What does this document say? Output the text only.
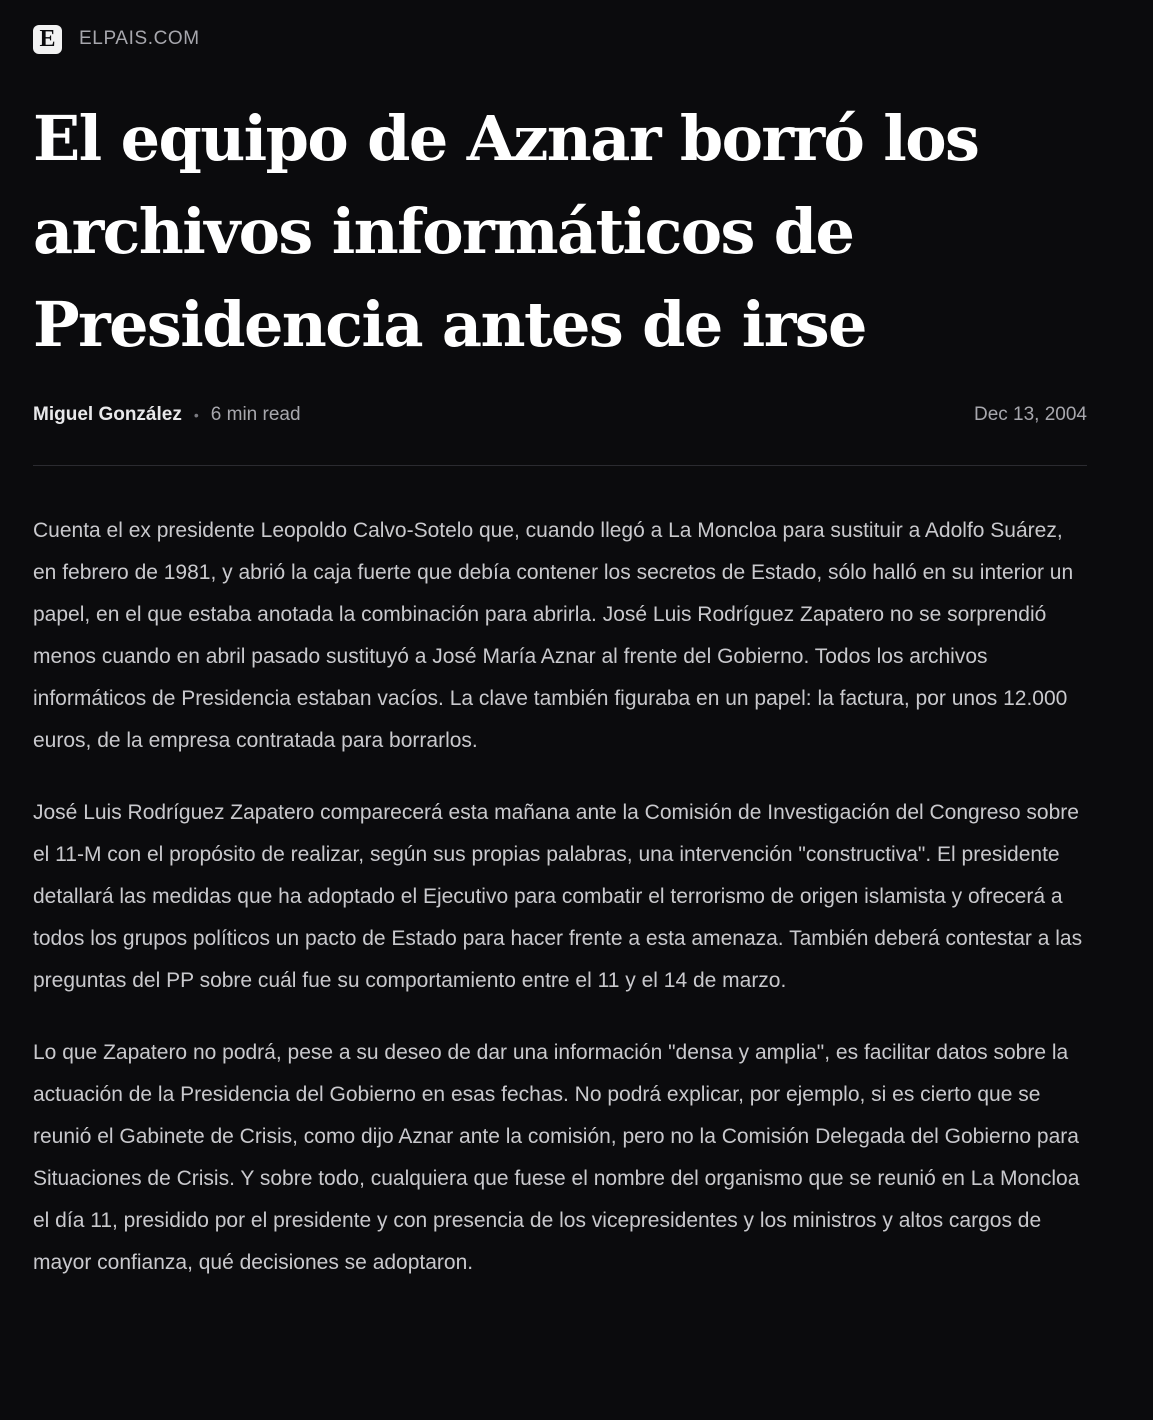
E ELPAIS.COM
El equipo de Aznar borró los archivos informáticos de Presidencia antes de irse
Miguel González • 6 min read	Dec 13, 2004

Cuenta el ex presidente Leopoldo Calvo-Sotelo que, cuando llegó a La Moncloa para sustituir a Adolfo Suárez, en febrero de 1981, y abrió la caja fuerte que debía contener los secretos de Estado, sólo halló en su interior un papel, en el que estaba anotada la combinación para abrirla. José Luis Rodríguez Zapatero no se sorprendió menos cuando en abril pasado sustituyó a José María Aznar al frente del Gobierno. Todos los archivos informáticos de Presidencia estaban vacíos. La clave también figuraba en un papel: la factura, por unos 12.000 euros, de la empresa contratada para borrarlos.

José Luis Rodríguez Zapatero comparecerá esta mañana ante la Comisión de Investigación del Congreso sobre el 11-M con el propósito de realizar, según sus propias palabras, una intervención "constructiva". El presidente detallará las medidas que ha adoptado el Ejecutivo para combatir el terrorismo de origen islamista y ofrecerá a todos los grupos políticos un pacto de Estado para hacer frente a esta amenaza. También deberá contestar a las preguntas del PP sobre cuál fue su comportamiento entre el 11 y el 14 de marzo.

Lo que Zapatero no podrá, pese a su deseo de dar una información "densa y amplia", es facilitar datos sobre la actuación de la Presidencia del Gobierno en esas fechas. No podrá explicar, por ejemplo, si es cierto que se reunió el Gabinete de Crisis, como dijo Aznar ante la comisión, pero no la Comisión Delegada del Gobierno para Situaciones de Crisis. Y sobre todo, cualquiera que fuese el nombre del organismo que se reunió en La Moncloa el día 11, presidido por el presidente y con presencia de los vicepresidentes y los ministros y altos cargos de mayor confianza, qué decisiones se adoptaron.
